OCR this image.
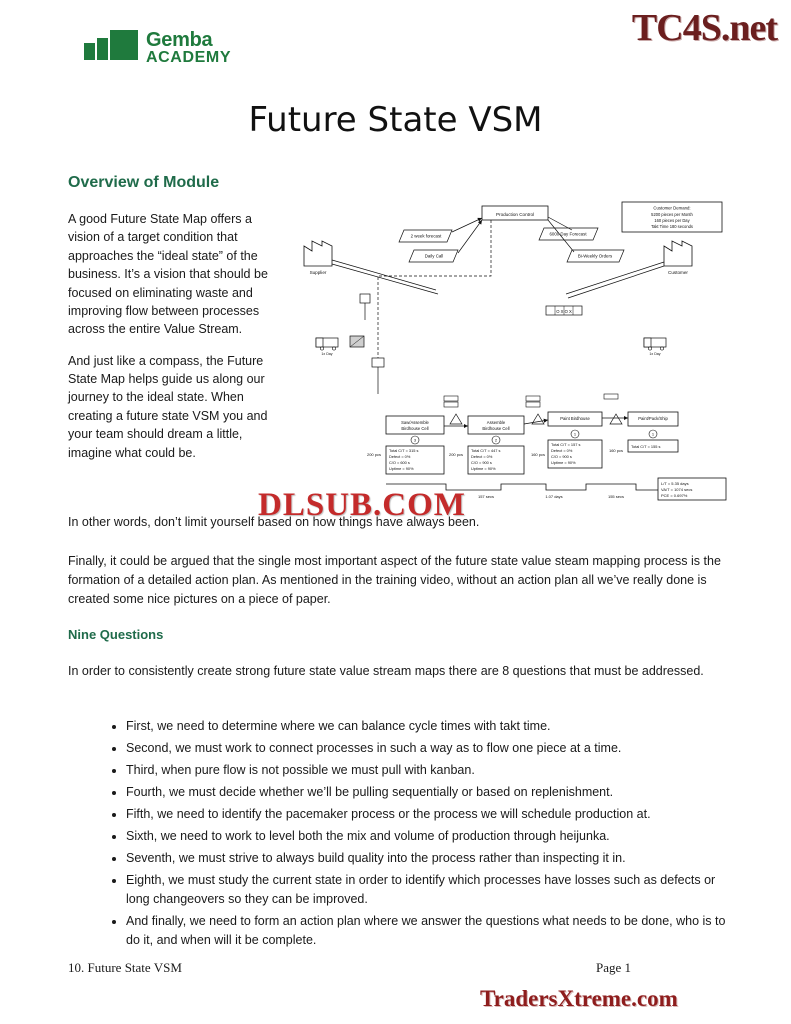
TC4S.net
Gemba
ACADEMY
Future State VSM
Overview of Module

A good Future State Map offers a vision of a target condition that approaches the “ideal state” of the business. It’s a vision that should be focused on eliminating waste and improving flow between processes across the entire Value Stream.

And just like a compass, the Future State Map helps guide us along our journey to the ideal state. When creating a future state VSM you and your team should dream a little, imagine what could be.

Production Control
2 week forecast
Daily Call
6000 Day Forecast
Bi-Weekly Orders
Supplier	Customer
Customer Demand:
5200 pieces per Month
160 pieces per Day
Takt Time 180 seconds
1x Day	1x Day
O X O X
Saw/Assemble
Birdhouse Cell
3
Total C/T = 315 s
Defect = 0%
C/O = 600 s
Uptime = 90%
Assemble
Birdhouse Cell
2
Total C/T = 447 s
Defect = 0%
C/O = 900 s
Uptime = 90%
Paint Birdhouse
1
Total C/T = 157 s
Defect = 0%
C/O = 900 s
Uptime = 90%
Paint/Pack/Ship
1
Total C/T = 155 s
200 pcs	200 pcs	160 pcs
160 pcs
157 secs	1.07 days	155 secs
L/T = 5.35 days
VA/T = 1074 secs
PCE = 0.697%
DLSUB.COM

In other words, don’t limit yourself based on how things have always been.

Finally, it could be argued that the single most important aspect of the future state value steam mapping process is the formation of a detailed action plan. As mentioned in the training video, without an action plan all we’ve really done is created some nice pictures on a piece of paper.

Nine Questions

In order to consistently create strong future state value stream maps there are 8 questions that must be addressed.

• First, we need to determine where we can balance cycle times with takt time.
• Second, we must work to connect processes in such a way as to flow one piece at a time.
• Third, when pure flow is not possible we must pull with kanban.
• Fourth, we must decide whether we’ll be pulling sequentially or based on replenishment.
• Fifth, we need to identify the pacemaker process or the process we will schedule production at.
• Sixth, we need to work to level both the mix and volume of production through heijunka.
• Seventh, we must strive to always build quality into the process rather than inspecting it in.
• Eighth, we must study the current state in order to identify which processes have losses such as defects or long changeovers so they can be improved.
• And finally, we need to form an action plan where we answer the questions what needs to be done, who is to do it, and when will it be complete.
10. Future State VSM	Page 1
TradersXtreme.com
